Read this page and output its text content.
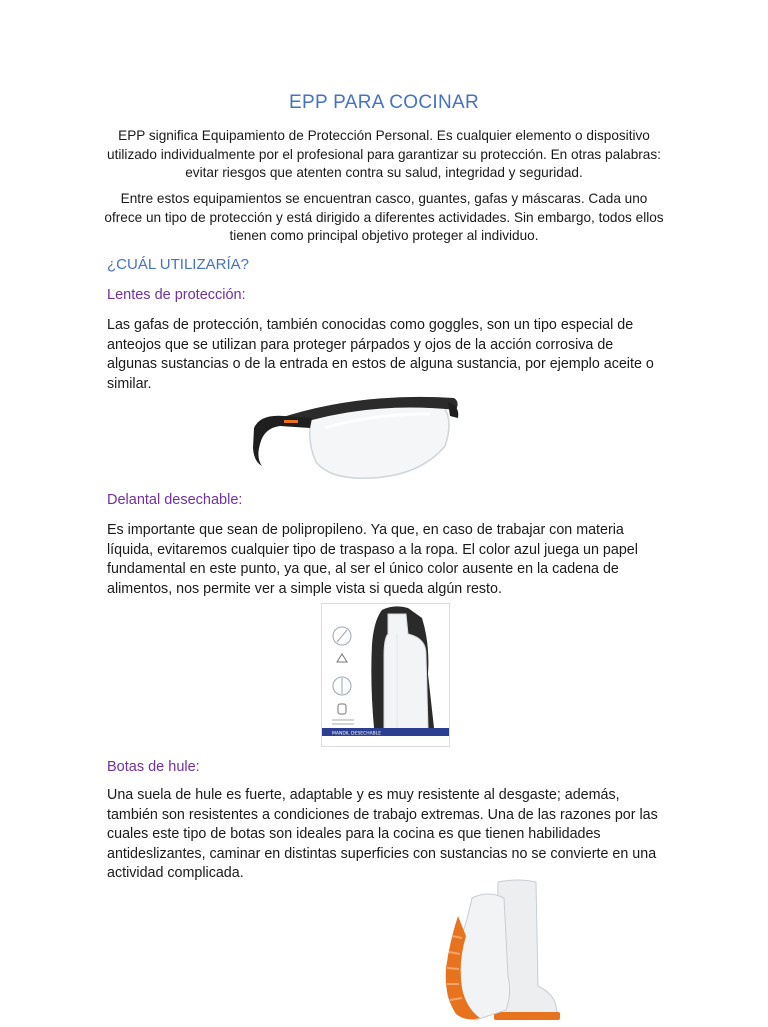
EPP PARA COCINAR
EPP significa Equipamiento de Protección Personal. Es cualquier elemento o dispositivo utilizado individualmente por el profesional para garantizar su protección. En otras palabras: evitar riesgos que atenten contra su salud, integridad y seguridad.
Entre estos equipamientos se encuentran casco, guantes, gafas y máscaras. Cada uno ofrece un tipo de protección y está dirigido a diferentes actividades. Sin embargo, todos ellos tienen como principal objetivo proteger al individuo.
¿CUÁL UTILIZARÍA?
Lentes de protección:
Las gafas de protección, también conocidas como goggles, son un tipo especial de anteojos que se utilizan para proteger párpados y ojos de la acción corrosiva de algunas sustancias o de la entrada en estos de alguna sustancia, por ejemplo aceite o similar.
Delantal desechable:
Es importante que sean de polipropileno. Ya que, en caso de trabajar con materia líquida, evitaremos cualquier tipo de traspaso a la ropa. El color azul juega un papel fundamental en este punto, ya que, al ser el único color ausente en la cadena de alimentos, nos permite ver a simple vista si queda algún resto.
MANDIL DESECHABLE
Botas de hule:
Una suela de hule es fuerte, adaptable y es muy resistente al desgaste; además, también son resistentes a condiciones de trabajo extremas. Una de las razones por las cuales este tipo de botas son ideales para la cocina es que tienen habilidades antideslizantes, caminar en distintas superficies con sustancias no se convierte en una actividad complicada.
